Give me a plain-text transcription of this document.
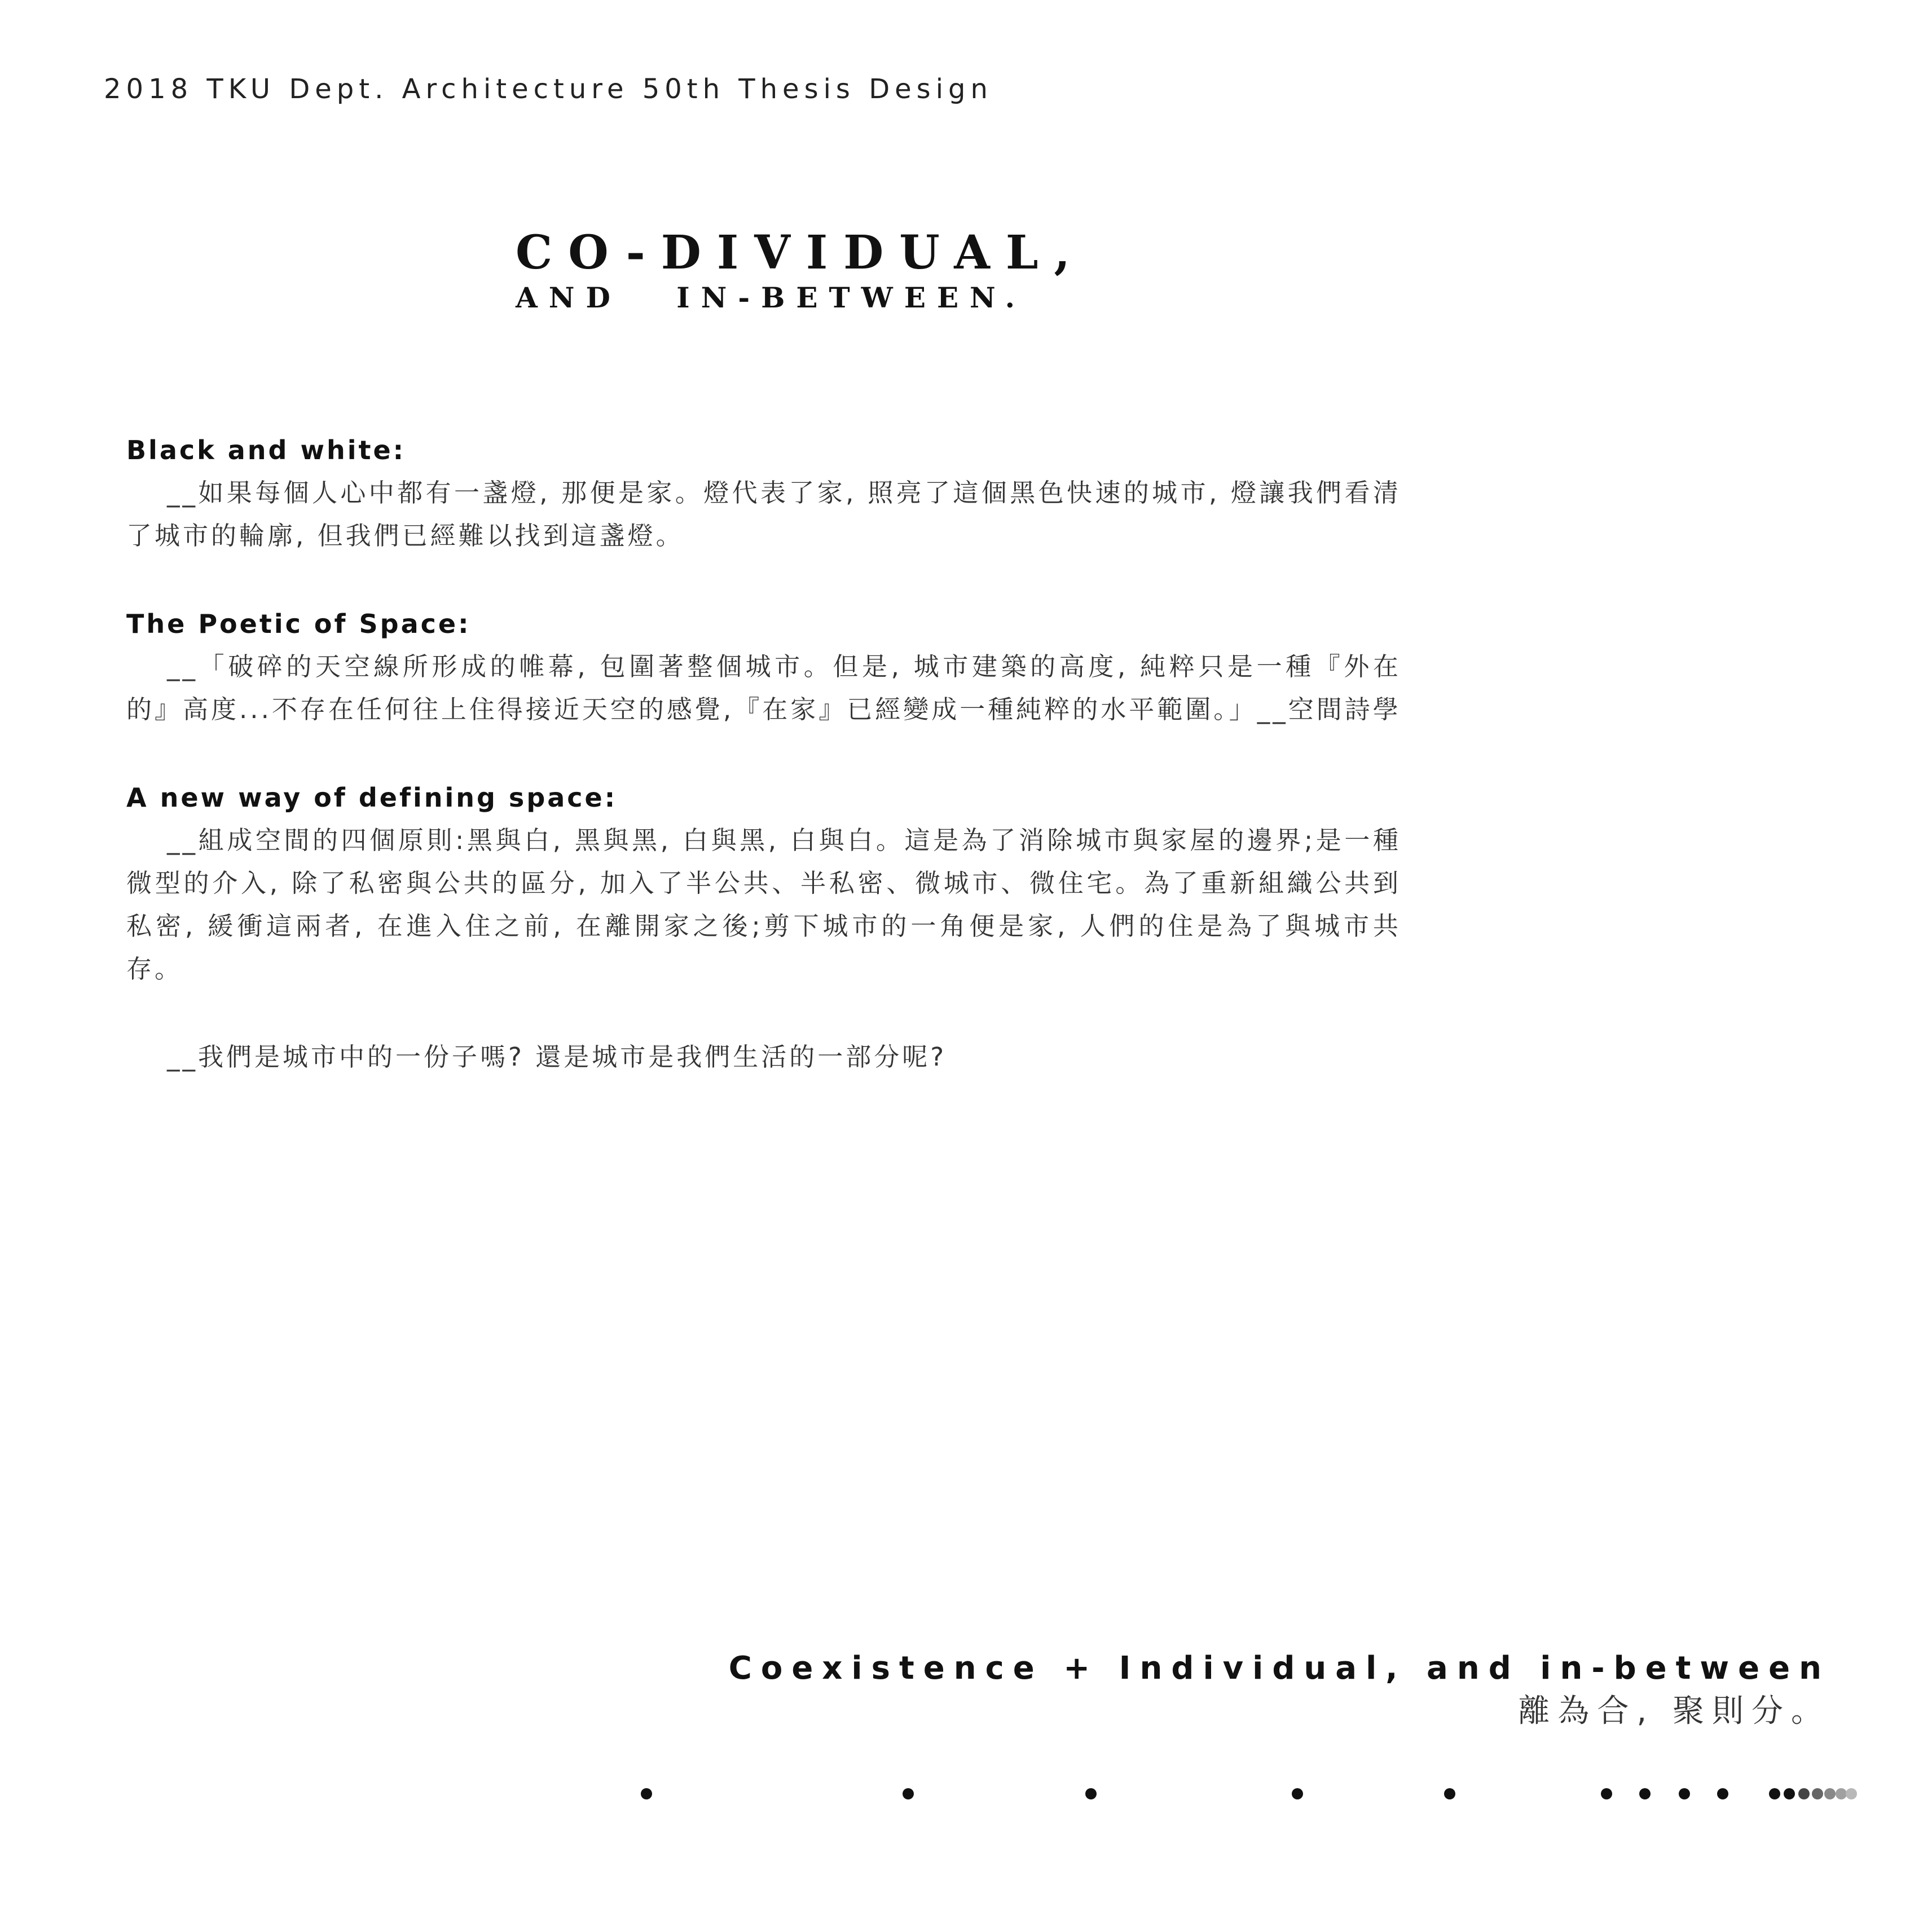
2018 TKU Dept. Architecture 50th Thesis Design
CO-DIVIDUAL,
AND IN-BETWEEN.

Black and white:

__如果每個人心中都有一盞燈, 那便是家。燈代表了家, 照亮了這個黑色快速的城市, 燈讓我們看清了城市的輪廓, 但我們已經難以找到這盞燈。

The Poetic of Space:

__「破碎的天空線所形成的帷幕, 包圍著整個城市。但是, 城市建築的高度, 純粹只是一種『外在的』高度...不存在任何往上住得接近天空的感覺,『在家』已經變成一種純粹的水平範圍。」__空間詩學

A new way of defining space:

__組成空間的四個原則:黑與白, 黑與黑, 白與黑, 白與白。這是為了消除城市與家屋的邊界;是一種微型的介入, 除了私密與公共的區分, 加入了半公共、半私密、微城市、微住宅。為了重新組織公共到私密, 緩衝這兩者, 在進入住之前, 在離開家之後;剪下城市的一角便是家, 人們的住是為了與城市共存。

__我們是城市中的一份子嗎? 還是城市是我們生活的一部分呢?

Coexistence + Individual, and in-between
離為合, 聚則分。
